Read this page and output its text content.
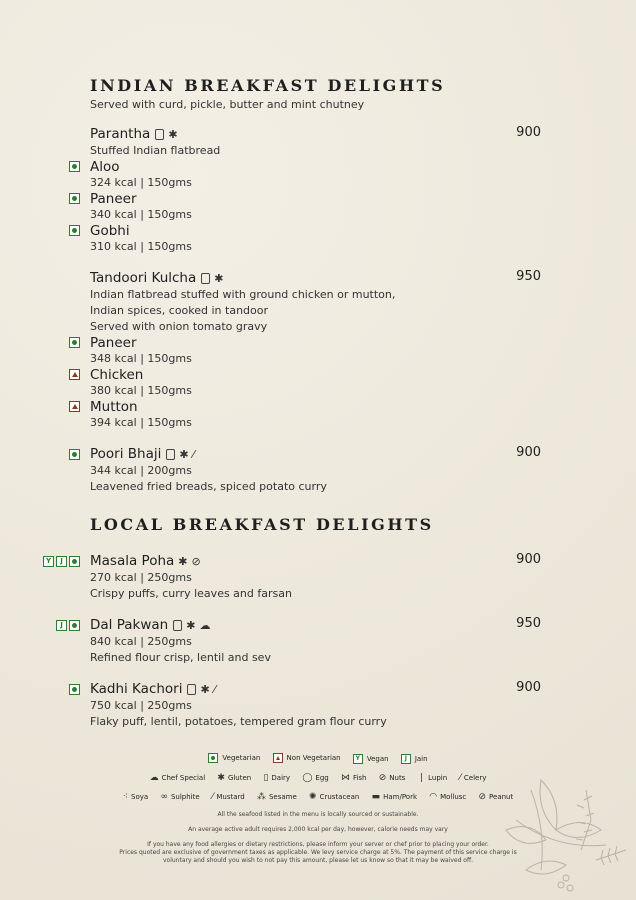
INDIAN BREAKFAST DELIGHTS
Served with curd, pickle, butter and mint chutney
Parantha ✱	900
Stuffed Indian flatbread
Aloo
324 kcal | 150gms
Paneer
340 kcal | 150gms
Gobhi
310 kcal | 150gms
Tandoori Kulcha ✱	950
Indian flatbread stuffed with ground chicken or mutton,
Indian spices, cooked in tandoor
Served with onion tomato gravy
Paneer
348 kcal | 150gms
Chicken
380 kcal | 150gms
Mutton
394 kcal | 150gms
Poori Bhaji ✱ ⁄	900
344 kcal | 200gms
Leavened fried breads, spiced potato curry
LOCAL BREAKFAST DELIGHTS
Masala Poha ✱ ⊘	900
270 kcal | 250gms
Crispy puffs, curry leaves and farsan
Y	J
Dal Pakwan ✱ ☁	950
840 kcal | 250gms
Refined flour crisp, lentil and sev
J
Kadhi Kachori ✱ ⁄	900
750 kcal | 250gms
Flaky puff, lentil, potatoes, tempered gram flour curry
Vegetarian
	Non Vegetarian
	Y Vegan
	J	Jain
☁ Chef Special
✱ Gluten
▯ Dairy
◯ Egg
⋈ Fish
⊘ Nuts
❘ Lupin
⁄ Celery
⁖ Soya
∞ Sulphite
⁄ Mustard
⁂ Sesame
✺ Crustacean
▬ Ham/Pork
◠ Mollusc
⊘ Peanut
All the seafood listed in the menu is locally sourced or sustainable.
An average active adult requires 2,000 kcal per day, however, calorie needs may vary
If you have any food allergies or dietary restrictions, please inform your server or chef prior to placing your order.
Prices quoted are exclusive of government taxes as applicable. We levy service charge at 5%. The payment of this service charge is
voluntary and should you wish to not pay this amount, please let us know so that it may be waived off.
